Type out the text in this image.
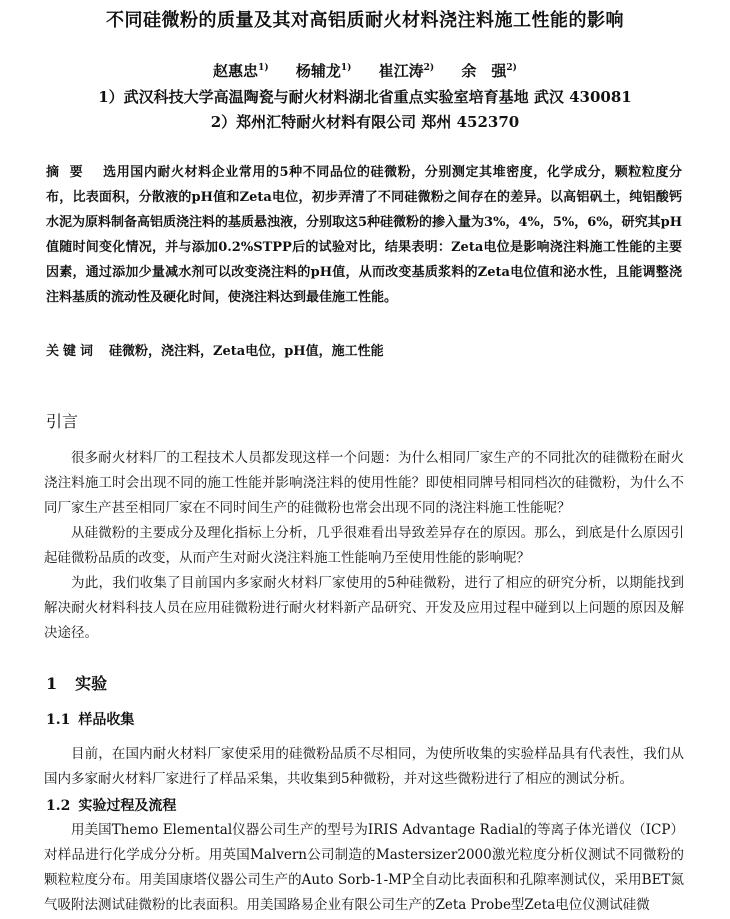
不同硅微粉的质量及其对高铝质耐火材料浇注料施工性能的影响
赵惠忠$^{1)}$ 杨辅龙$^{1)}$ 崔江涛$^{2)}$ 余　强$^{2)}$
1）武汉科技大学高温陶瓷与耐火材料湖北省重点实验室培育基地 武汉 430081
2）郑州汇特耐火材料有限公司 郑州 452370
摘要 选用国内耐火材料企业常用的5种不同品位的硅微粉，分别测定其堆密度，化学成分，颗粒粒度分布，比表面积，分散液的pH值和Zeta电位，初步弄清了不同硅微粉之间存在的差异。以高铝矾土，纯铝酸钙水泥为原料制备高铝质浇注料的基质悬浊液，分别取这5种硅微粉的掺入量为3%，4%，5%，6%，研究其pH值随时间变化情况，并与添加0.2%STPP后的试验对比，结果表明：Zeta电位是影响浇注料施工性能的主要因素，通过添加少量减水剂可以改变浇注料的pH值，从而改变基质浆料的Zeta电位值和泌水性，且能调整浇注料基质的流动性及硬化时间，使浇注料达到最佳施工性能。
关键词 硅微粉，浇注料，Zeta电位，pH值，施工性能
引言

很多耐火材料厂的工程技术人员都发现这样一个问题：为什么相同厂家生产的不同批次的硅微粉在耐火浇注料施工时会出现不同的施工性能并影响浇注料的使用性能？即使相同牌号相同档次的硅微粉，为什么不同厂家生产甚至相同厂家在不同时间生产的硅微粉也常会出现不同的浇注料施工性能呢？

从硅微粉的主要成分及理化指标上分析，几乎很难看出导致差异存在的原因。那么，到底是什么原因引起硅微粉品质的改变，从而产生对耐火浇注料施工性能响乃至使用性能的影响呢？

为此，我们收集了目前国内多家耐火材料厂家使用的5种硅微粉，进行了相应的研究分析，以期能找到解决耐火材料科技人员在应用硅微粉进行耐火材料新产品研究、开发及应用过程中碰到以上问题的原因及解决途径。

1 实验
1.1 样品收集

目前，在国内耐火材料厂家使采用的硅微粉品质不尽相同，为使所收集的实验样品具有代表性，我们从国内多家耐火材料厂家进行了样品采集，共收集到5种微粉，并对这些微粉进行了相应的测试分析。

1.2 实验过程及流程

用美国Themo Elemental仪器公司生产的型号为IRIS Advantage Radial的等离子体光谱仪（ICP）对样品进行化学成分分析。用英国Malvern公司制造的Mastersizer2000激光粒度分析仪测试不同微粉的颗粒粒度分布。用美国康塔仪器公司生产的Auto Sorb-1-MP全自动比表面积和孔隙率测试仪，采用BET氮气吸附法测试硅微粉的比表面积。用美国路易企业有限公司生产的Zeta Probe型Zeta电位仪测试硅微
